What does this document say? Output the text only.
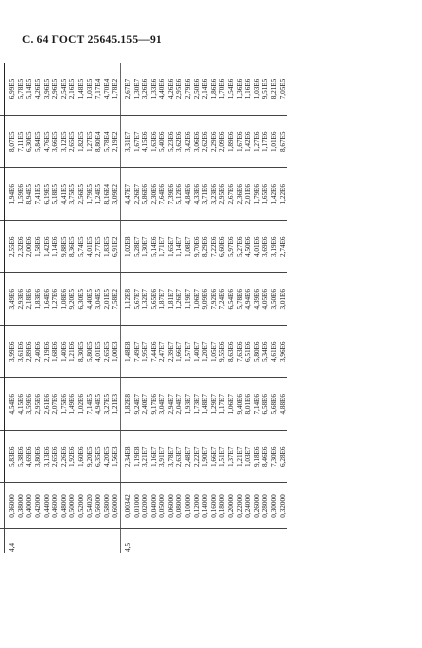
С. 64 ГОСТ 25645.155—91

4,4	0,36000	5,83E6	4,54E6	3,99E6	3,49E6	2,55E6	1,94E6	8,07E5	6,99E5
	0,38000	5,38E6	4,15E6	3,61E6	2,93E6	2,32E6	1,59E6	7,11E5	5,78E5
	0,40000	4,69E6	3,59E6	2,89E6	2,18E6	2,00E6	8,94E5	6,30E5	5,14E5
	0,42000	3,80E6	2,95E6	2,40E6	1,83E6	1,58E6	7,41E5	5,84E5	4,26E5
	0,44000	3,13E6	2,61E6	2,19E6	1,64E6	1,42E6	6,19E5	4,76E5	3,96E5
	0,46000	2,65E6	2,07E6	1,68E6	1,27E6	1,14E6	5,18E5	3,66E5	2,96E5
	0,48000	2,26E6	1,75E6	1,40E6	1,08E6	9,88E5	4,41E5	3,12E5	2,54E5
	0,50000	1,92E6	1,49E6	1,21E6	9,20E5	8,36E5	3,75E5	2,65E5	2,16E5
	0,52000	1,60E6	1,02E6	8,30E5	6,30E5	5,74E5	2,56E5	1,82E5	1,48E5
	0,54020	9,20E5	7,14E5	5,80E5	4,40E5	4,01E5	1,79E5	1,27E5	1,03E5
	0,56000	6,35E5	4,94E5	4,01E5	3,04E5	2,77E5	1,24E5	8,80E4	7,17E4
	0,58000	4,20E5	3,27E5	2,65E5	2,01E5	1,83E5	8,16E4	5,78E4	4,70E4
	0,60000	1,56E3	1,21E3	1,00E3	7,58E2	6,91E2	3,09E2	2,19E2	1,78E2
4,5	0,00342	2,34E8	1,82E8	1,48E8	1,12E8	1,02E8	4,47E7	3,31E7	2,67E7
	0,01000	1,19E8	9,24E7	7,49E7	5,67E7	5,28E7	2,26E7	1,67E7	1,30E7
	0,02000	3,21E7	2,40E7	1,95E7	1,32E7	1,30E7	5,86E6	4,15E6	3,26E6
	0,04000	1,16E7	9,17E6	7,44E6	5,65E6	5,14E6	2,30E6	1,63E6	1,33E6
	0,05000	3,91E7	3,04E7	2,47E7	1,87E7	1,71E7	7,64E6	5,40E6	4,40E6
	0,06000	3,78E7	2,94E7	2,39E7	1,81E7	1,65E7	7,39E6	5,23E6	4,26E6
	0,08000	2,63E7	2,04E7	1,66E7	1,26E7	1,14E7	5,12E6	3,62E6	2,95E6
	0,10000	2,48E7	1,93E7	1,57E7	1,19E7	1,08E7	4,84E6	3,42E6	2,79E6
	0,12000	2,22E7	1,73E7	1,40E7	1,06E7	9,70E6	4,33E6	3,06E6	2,50E6
	0,14000	1,90E7	1,48E7	1,20E7	9,09E6	8,29E6	3,71E6	2,62E6	2,14E6
	0,16000	1,66E7	1,29E7	1,05E7	7,92E6	7,22E6	3,23E6	2,29E6	1,86E6
	0,18000	1,51E7	1,17E7	9,55E6	7,24E6	6,60E6	2,95E6	2,09E6	1,70E6
	0,20000	1,37E7	1,06E7	8,63E6	6,54E6	5,97E6	2,67E6	1,89E6	1,54E6
	0,22000	1,21E7	9,40E6	7,63E6	5,78E6	5,27E6	2,36E6	1,67E6	1,36E6
	0,24000	1,03E7	8,01E6	6,51E6	4,94E6	4,50E6	2,01E6	1,42E6	1,16E6
	0,26000	9,18E6	7,14E6	5,80E6	4,39E6	4,01E6	1,79E6	1,27E6	1,03E6
	0,28000	8,46E6	6,58E6	5,34E6	4,05E6	3,69E6	1,65E6	1,17E6	9,51E5
	0,30000	7,30E6	5,68E6	4,61E6	3,50E6	3,19E6	1,42E6	1,01E6	8,21E5
	0,32000	6,28E6	4,88E6	3,96E6	3,01E6	2,74E6	1,22E6	8,67E5	7,05E5
